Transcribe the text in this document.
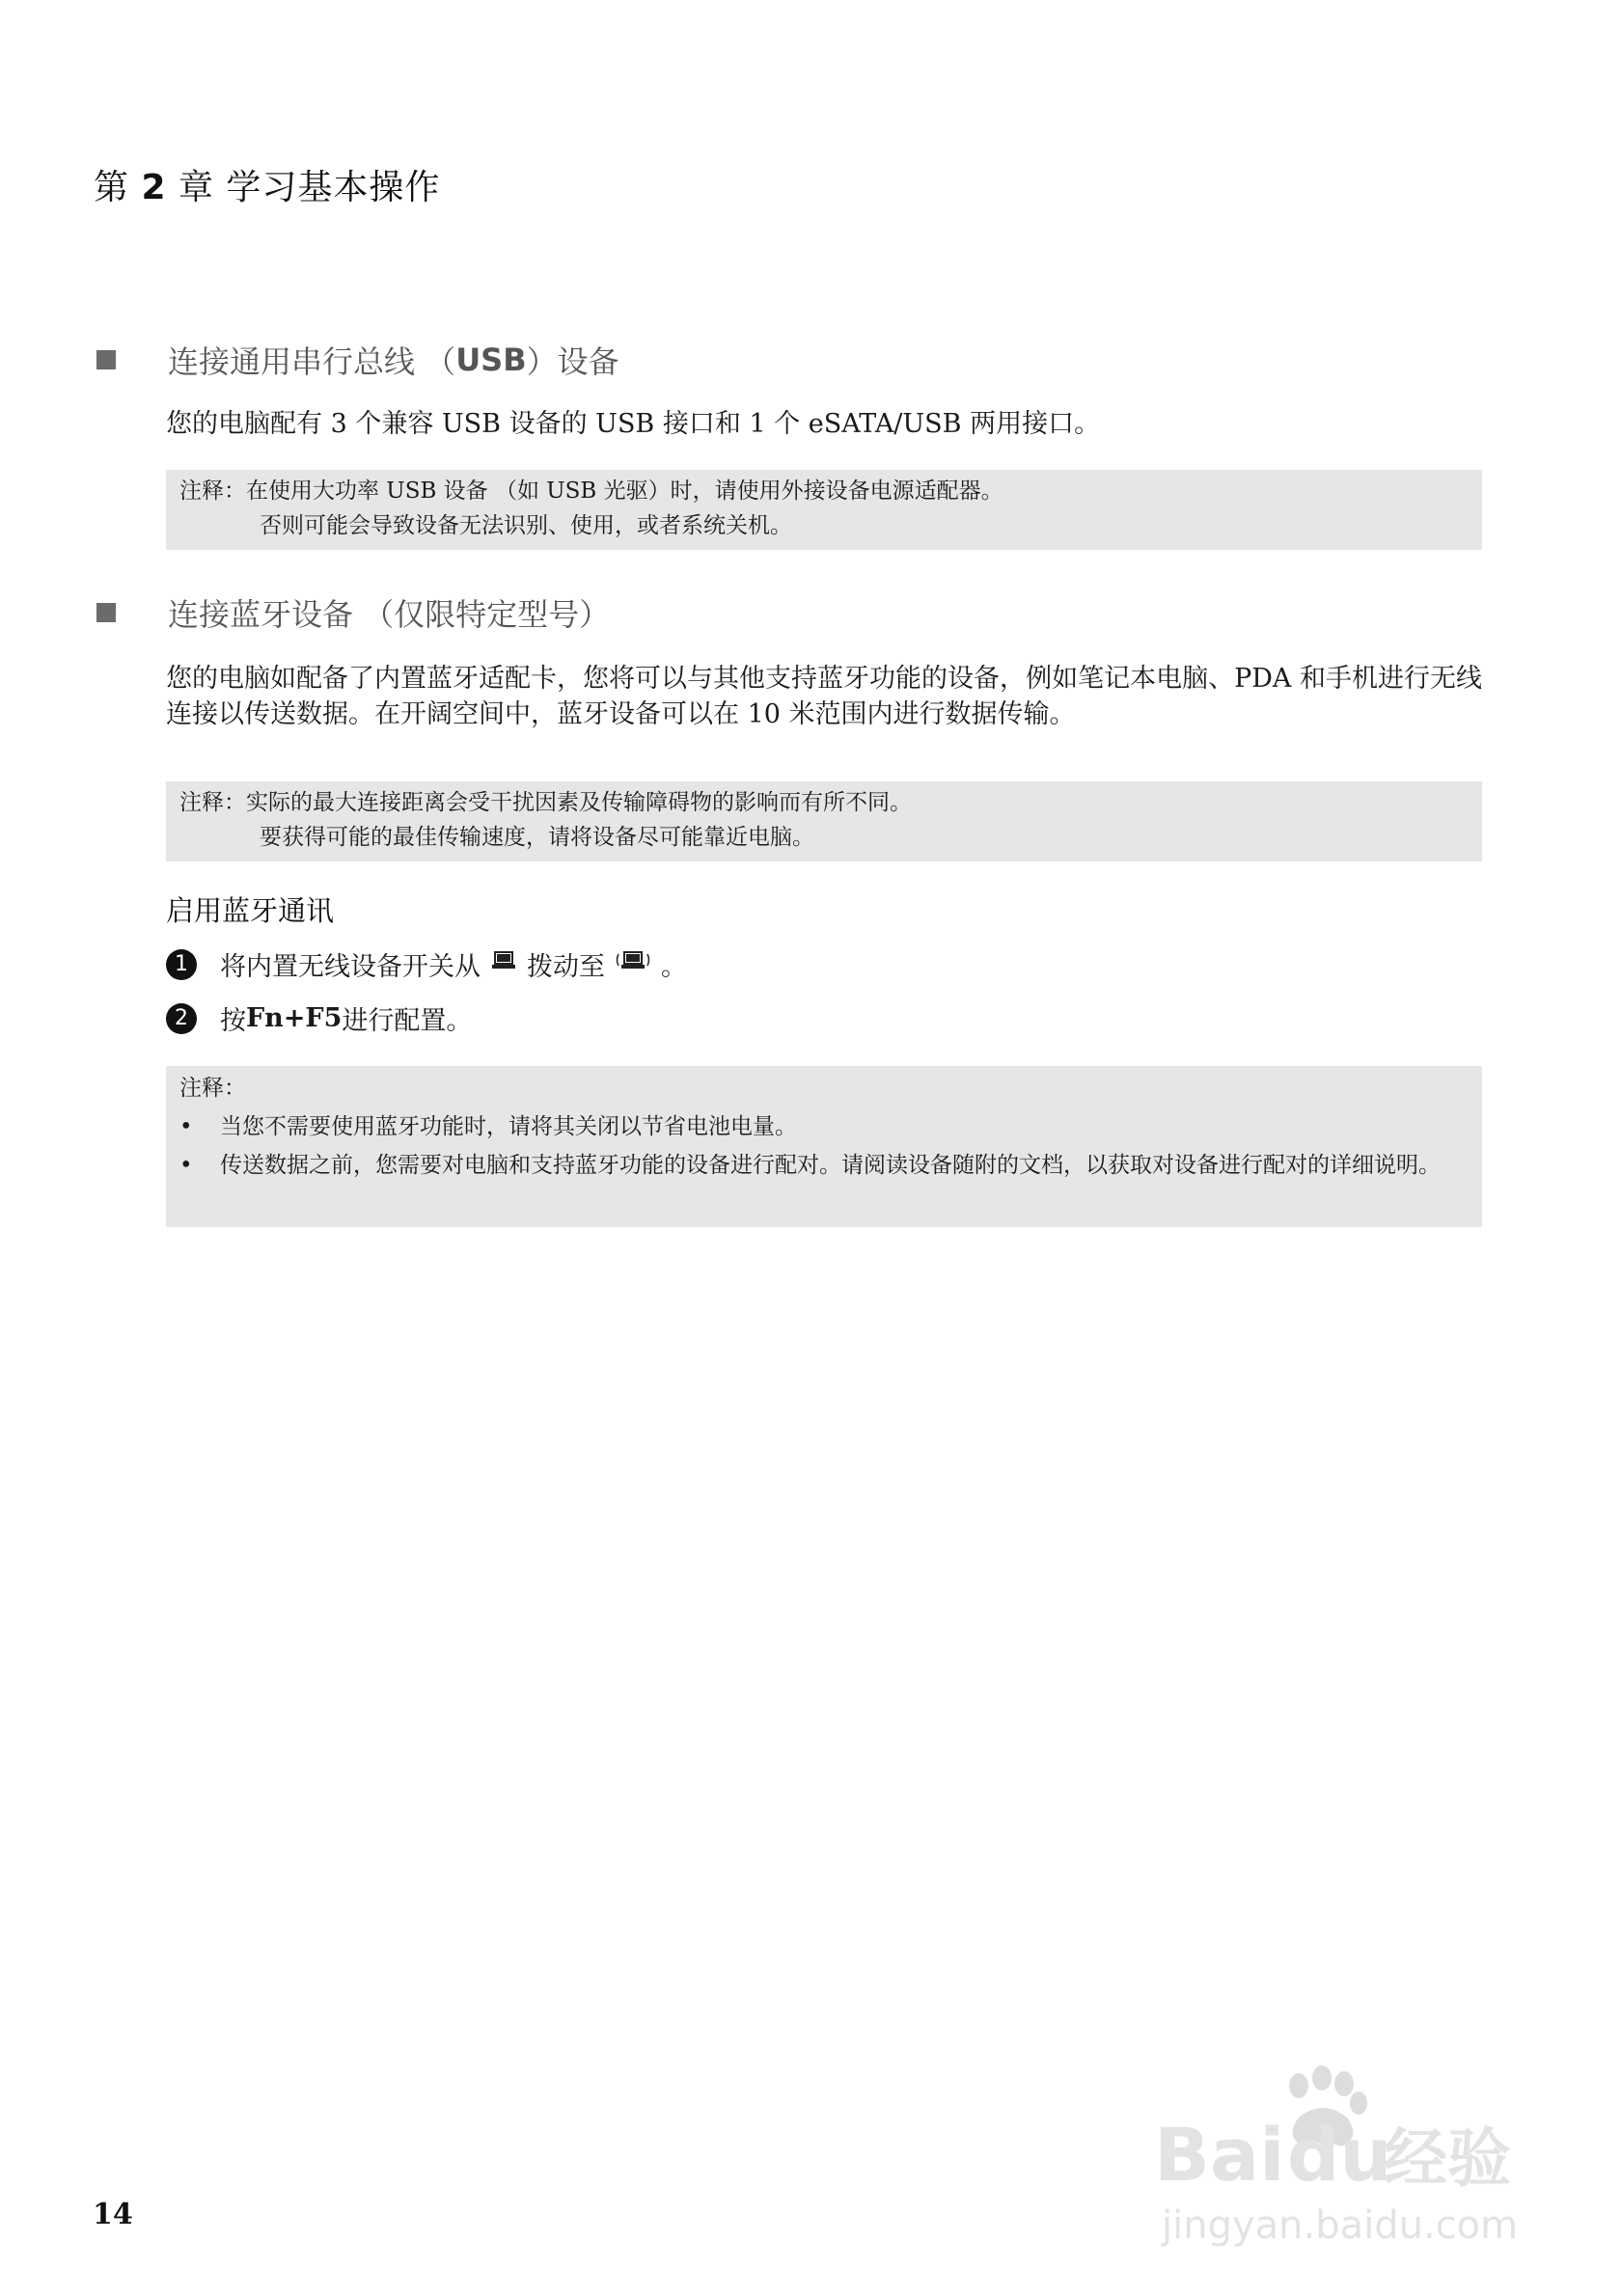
第 2 章 学习基本操作
连接通用串行总线 （ USB ）设备
您的电脑配有 3 个兼容 USB 设备的 USB 接口和 1 个 eSATA/USB 两用接口。
注释：在使用大功率 USB 设备 （如 USB 光驱）时，请使用外接设备电源适配器。
否则可能会导致设备无法识别、使用，或者系统关机。
连接蓝牙设备 （仅限特定型号）
您的电脑如配备了内置蓝牙适配卡，您将可以与其他支持蓝牙功能的设备，例如笔记本电脑、PDA 和手机进行无线连接以传送数据。在开阔空间中，蓝牙设备可以在 10 米范围内进行数据传输。
注释：实际的最大连接距离会受干扰因素及传输障碍物的影响而有所不同。
要获得可能的最佳传输速度，请将设备尽可能靠近电脑。
启用蓝牙通讯
1	将内置无线设备开关从 拨动至 。
2	按 Fn+F5 进行配置。
注释：
• 当您不需要使用蓝牙功能时，请将其关闭以节省电池电量。
• 传送数据之前，您需要对电脑和支持蓝牙功能的设备进行配对。请阅读设备随附的文档，以获取对设备进行配对的详细说明。
14
Bai du
经验
jingyan.baidu.com
